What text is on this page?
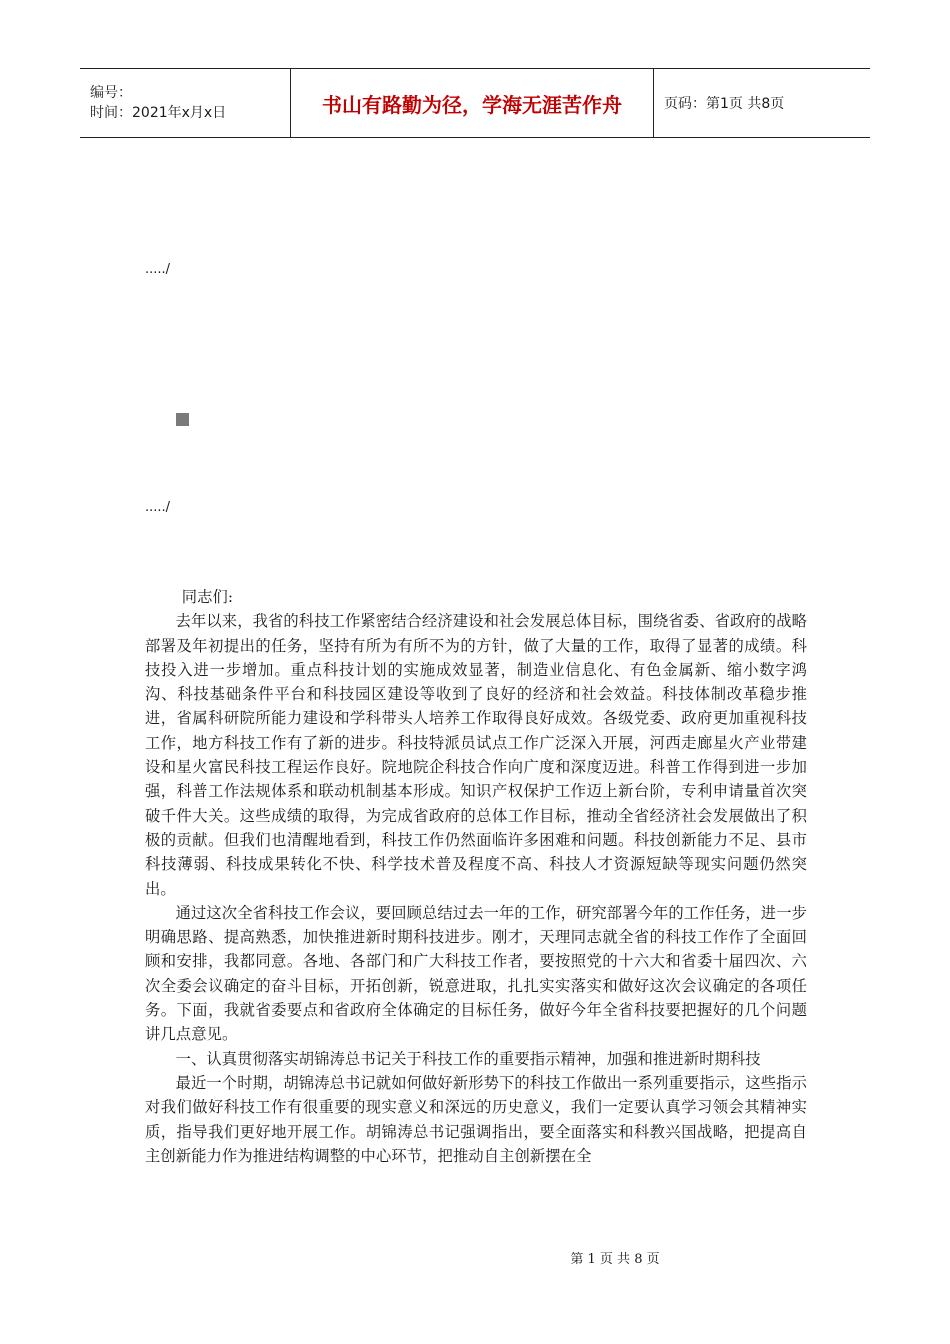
编号：
时间：2021年x月x日	书山有路勤为径，学海无涯苦作舟	页码：第1页 共8页
...../
...../

同志们:

去年以来，我省的科技工作紧密结合经济建设和社会发展总体目标，围绕省委、省政府的战略部署及年初提出的任务，坚持有所为有所不为的方针，做了大量的工作，取得了显著的成绩。科技投入进一步增加。重点科技计划的实施成效显著，制造业信息化、有色金属新、缩小数字鸿沟、科技基础条件平台和科技园区建设等收到了良好的经济和社会效益。科技体制改革稳步推进，省属科研院所能力建设和学科带头人培养工作取得良好成效。各级党委、政府更加重视科技工作，地方科技工作有了新的进步。科技特派员试点工作广泛深入开展，河西走廊星火产业带建设和星火富民科技工程运作良好。院地院企科技合作向广度和深度迈进。科普工作得到进一步加强，科普工作法规体系和联动机制基本形成。知识产权保护工作迈上新台阶，专利申请量首次突破千件大关。这些成绩的取得，为完成省政府的总体工作目标，推动全省经济社会发展做出了积极的贡献。但我们也清醒地看到，科技工作仍然面临许多困难和问题。科技创新能力不足、县市科技薄弱、科技成果转化不快、科学技术普及程度不高、科技人才资源短缺等现实问题仍然突出。

通过这次全省科技工作会议，要回顾总结过去一年的工作，研究部署今年的工作任务，进一步明确思路、提高熟悉，加快推进新时期科技进步。刚才，天理同志就全省的科技工作作了全面回顾和安排，我都同意。各地、各部门和广大科技工作者，要按照党的十六大和省委十届四次、六次全委会议确定的奋斗目标，开拓创新，锐意进取，扎扎实实落实和做好这次会议确定的各项任务。下面，我就省委要点和省政府全体确定的目标任务，做好今年全省科技要把握好的几个问题讲几点意见。

一、认真贯彻落实胡锦涛总书记关于科技工作的重要指示精神，加强和推进新时期科技

最近一个时期，胡锦涛总书记就如何做好新形势下的科技工作做出一系列重要指示，这些指示对我们做好科技工作有很重要的现实意义和深远的历史意义，我们一定要认真学习领会其精神实质，指导我们更好地开展工作。胡锦涛总书记强调指出，要全面落实和科教兴国战略，把提高自主创新能力作为推进结构调整的中心环节，把推动自主创新摆在全

第 1 页 共 8 页
